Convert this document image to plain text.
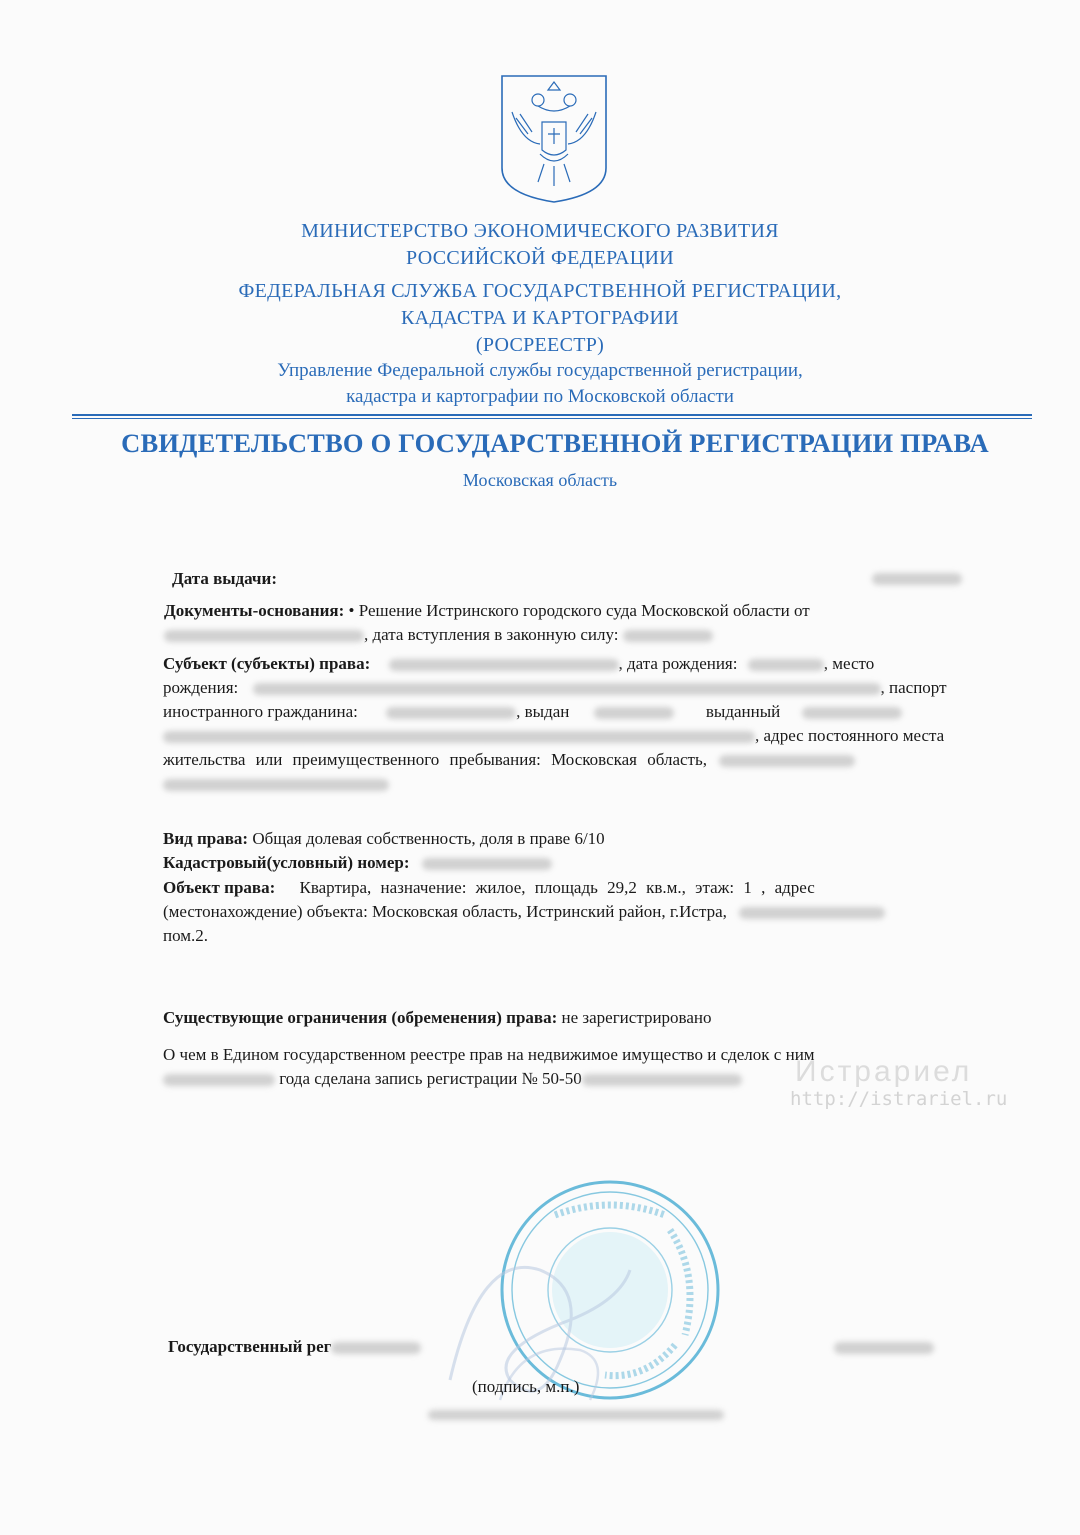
МИНИСТЕРСТВО ЭКОНОМИЧЕСКОГО РАЗВИТИЯ
РОССИЙСКОЙ ФЕДЕРАЦИИ
ФЕДЕРАЛЬНАЯ СЛУЖБА ГОСУДАРСТВЕННОЙ РЕГИСТРАЦИИ,
КАДАСТРА И КАРТОГРАФИИ
(РОСРЕЕСТР)
Управление Федеральной службы государственной регистрации,
кадастра и картографии по Московской области
СВИДЕТЕЛЬСТВО О ГОСУДАРСТВЕННОЙ РЕГИСТРАЦИИ ПРАВА
Московская область
Дата выдачи:
Документы-основания: • Решение Истринского городского суда Московской области от
, дата вступления в законную силу:
Субъект (субъекты) права:	, дата рождения:	, место
рождения:	, паспорт
иностранного гражданина:	, выдан	выданный
, адрес постоянного места
жительства или преимущественного пребывания: Московская область,
Вид права: Общая долевая собственность, доля в праве 6/10
Кадастровый(условный) номер:
Объект права: Квартира, назначение: жилое, площадь 29,2 кв.м., этаж: 1 , адрес
(местонахождение) объекта: Московская область, Истринский район, г.Истра,
пом.2.
Существующие ограничения (обременения) права: не зарегистрировано
О чем в Едином государственном реестре прав на недвижимое имущество и сделок с ним
года сделана запись регистрации № 50-50	Истрариел
http://istrariel.ru
Государственный рег
(подпись, м.п.)
